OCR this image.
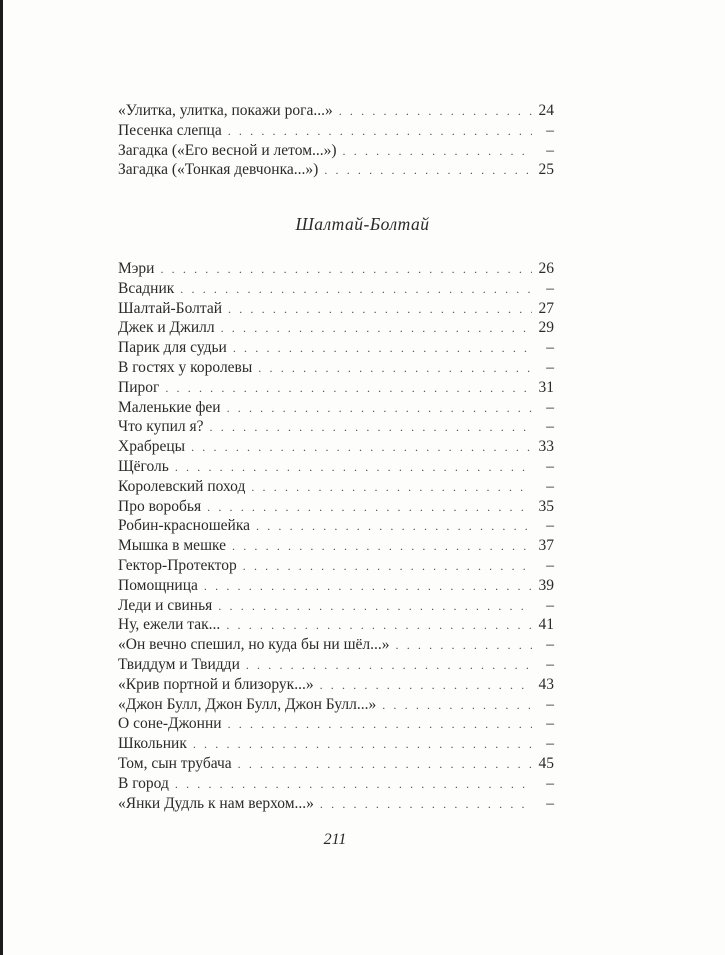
«Улитка, улитка, покажи рога...» . . .	24
Песенка слепца . . .	–
Загадка («Его весной и летом...») . . .	–
Загадка («Тонкая девчонка...») . . .	25
Шалтай-Болтай
Мэри . . .	26
Всадник . . .	–
Шалтай-Болтай . . .	27
Джек и Джилл . . .	29
Парик для судьи . . .	–
В гостях у королевы . . .	–
Пирог . . .	31
Маленькие феи . . .	–
Что купил я? . . .	–
Храбрецы . . .	33
Щёголь . . .	–
Королевский поход . . .	–
Про воробья . . .	35
Робин-красношейка . . .	–
Мышка в мешке . . .	37
Гектор-Протектор . . .	–
Помощница . . .	39
Леди и свинья . . .	–
Ну, ежели так... . . .	41
«Он вечно спешил, но куда бы ни шёл...» . . .	–
Твиддум и Твидди . . .	–
«Крив портной и близорук...» . . .	43
«Джон Булл, Джон Булл, Джон Булл...» . . .	–
О соне-Джонни . . .	–
Школьник . . .	–
Том, сын трубача . . .	45
В город . . .	–
«Янки Дудль к нам верхом...» . . .	–
211
